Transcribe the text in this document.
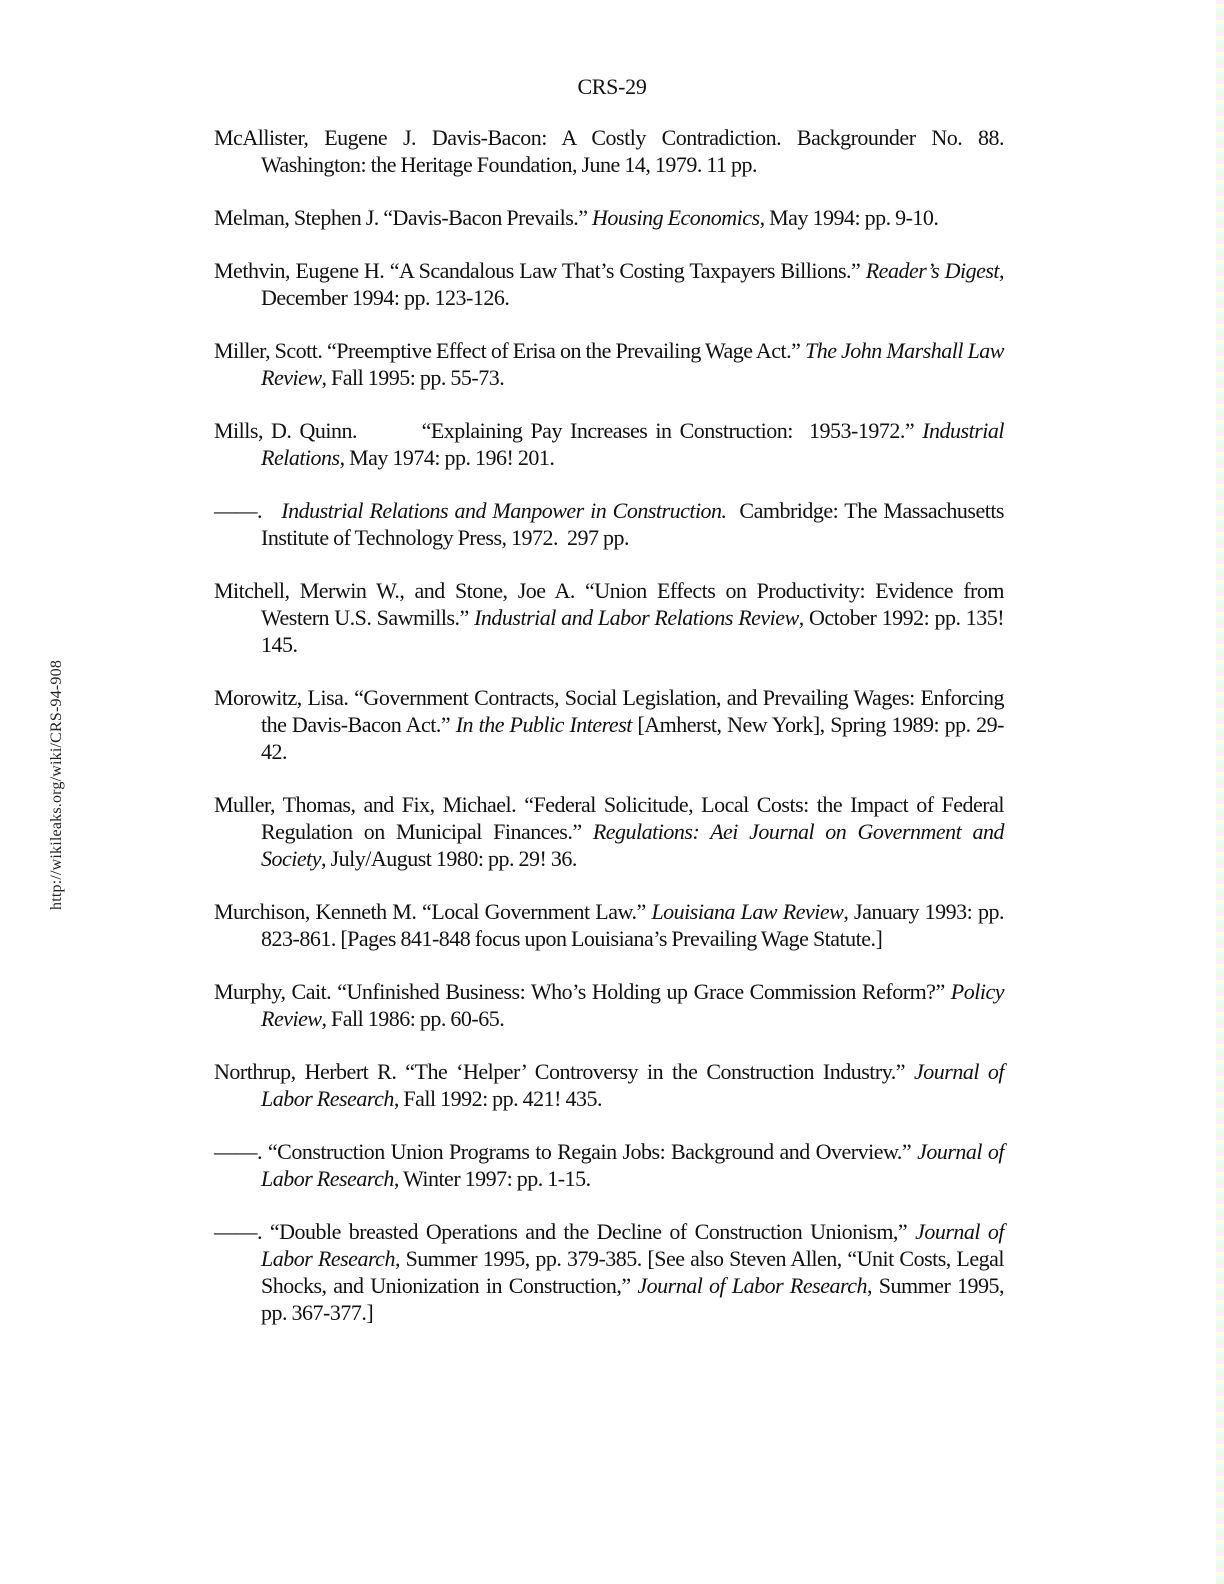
CRS-29
http://wikileaks.org/wiki/CRS-94-908

McAllister, Eugene J. Davis-Bacon: A Costly Contradiction. Backgrounder No. 88. Washington: the Heritage Foundation, June 14, 1979. 11 pp.

Melman, Stephen J. “Davis-Bacon Prevails.” Housing Economics, May 1994: pp. 9-10.

Methvin, Eugene H. “A Scandalous Law That’s Costing Taxpayers Billions.” Reader’s Digest, December 1994: pp. 123-126.

Miller, Scott. “Preemptive Effect of Erisa on the Prevailing Wage Act.” The John Marshall Law Review, Fall 1995: pp. 55-73.

Mills, D. Quinn.        “Explaining Pay Increases in Construction:  1953-1972.” Industrial Relations, May 1974: pp. 196! 201.

——. Industrial Relations and Manpower in Construction.  Cambridge: The Massachusetts Institute of Technology Press, 1972.  297 pp.

Mitchell, Merwin W., and Stone, Joe A. “Union Effects on Productivity: Evidence from Western U.S. Sawmills.” Industrial and Labor Relations Review, October 1992: pp. 135! 145.

Morowitz, Lisa. “Government Contracts, Social Legislation, and Prevailing Wages: Enforcing the Davis-Bacon Act.” In the Public Interest [Amherst, New York], Spring 1989: pp. 29-42.

Muller, Thomas, and Fix, Michael. “Federal Solicitude, Local Costs: the Impact of Federal Regulation on Municipal Finances.” Regulations: Aei Journal on Government and Society, July/August 1980: pp. 29! 36.

Murchison, Kenneth M. “Local Government Law.” Louisiana Law Review, January 1993: pp. 823-861. [Pages 841-848 focus upon Louisiana’s Prevailing Wage Statute.]

Murphy, Cait. “Unfinished Business: Who’s Holding up Grace Commission Reform?” Policy Review, Fall 1986: pp. 60-65.

Northrup, Herbert R. “The ‘Helper’ Controversy in the Construction Industry.” Journal of Labor Research, Fall 1992: pp. 421! 435.

——. “Construction Union Programs to Regain Jobs: Background and Overview.” Journal of Labor Research, Winter 1997: pp. 1-15.

——. “Double breasted Operations and the Decline of Construction Unionism,” Journal of Labor Research, Summer 1995, pp. 379-385. [See also Steven Allen, “Unit Costs, Legal Shocks, and Unionization in Construction,” Journal of Labor Research, Summer 1995, pp. 367-377.]
